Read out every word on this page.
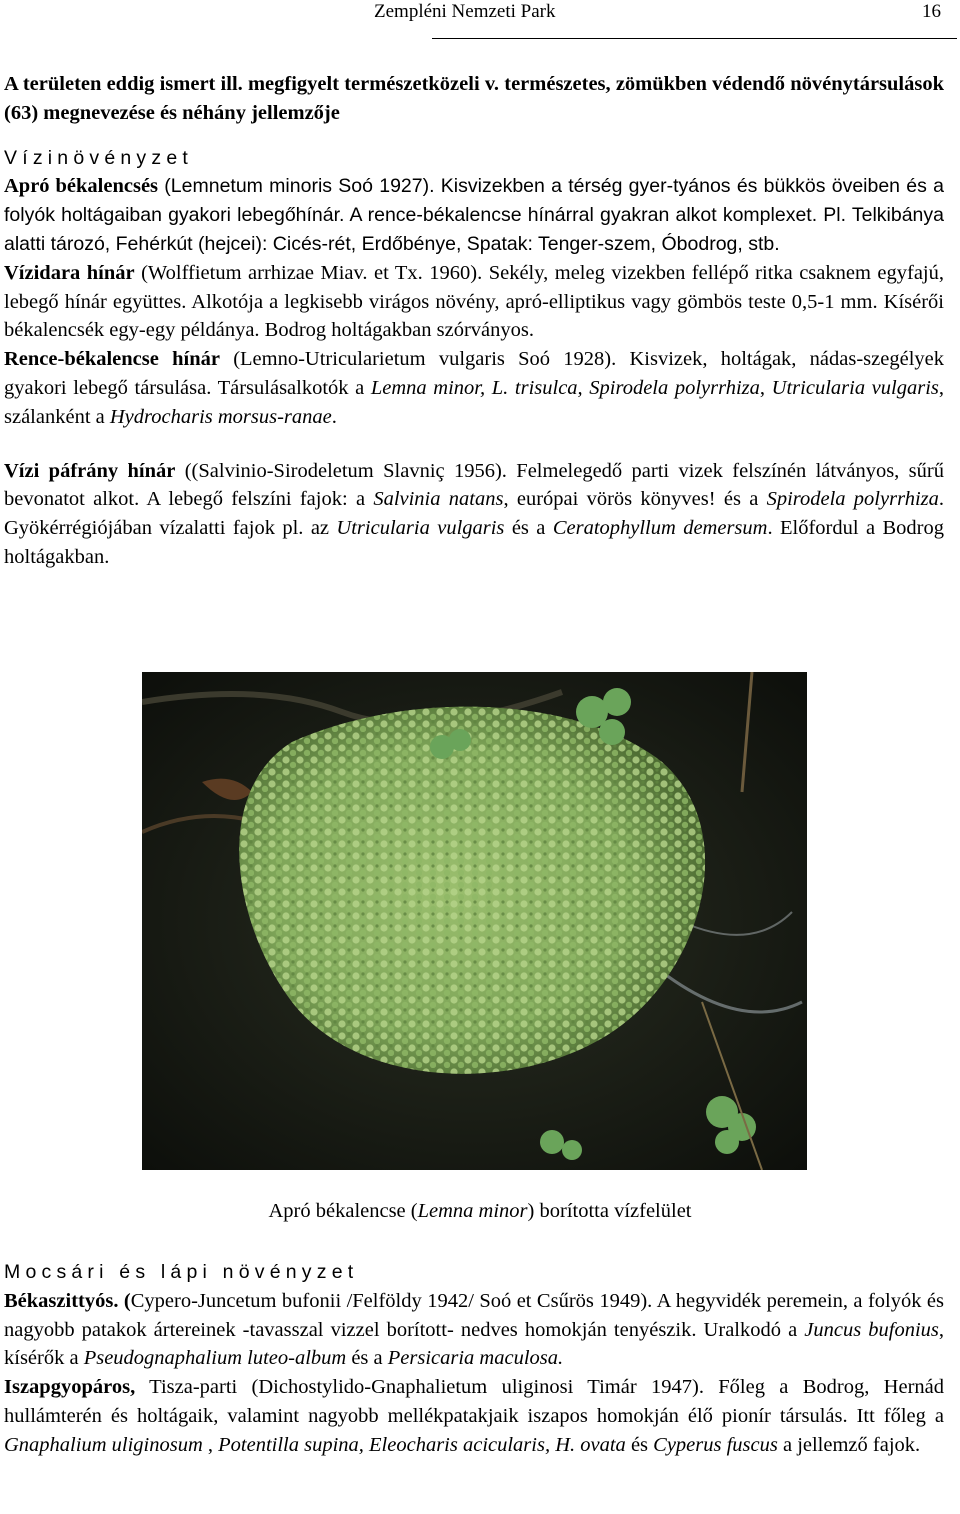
Zempléni Nemzeti Park	16

A területen eddig ismert ill. megfigyelt természetközeli v. természetes, zömükben védendő növénytársulások (63) megnevezése és néhány jellemzője

Vízinövényzet

Apró békalencsés (Lemnetum minoris Soó 1927). Kisvizekben a térség gyer-tyános és bükkös öveiben és a folyók holtágaiban gyakori lebegőhínár. A rence-békalencse hínárral gyakran alkot komplexet. Pl. Telkibánya alatti tározó, Fehérkút (hejcei): Cicés-rét, Erdőbénye, Spatak: Tenger-szem, Óbodrog, stb.

Vízidara hínár (Wolffietum arrhizae Miav. et Tx. 1960). Sekély, meleg vizekben fellépő ritka csaknem egyfajú, lebegő hínár együttes. Alkotója a legkisebb virágos növény, apró-elliptikus vagy gömbös teste 0,5-1 mm. Kísérői békalencsék egy-egy példánya. Bodrog holtágakban szórványos.

Rence-békalencse hínár (Lemno-Utricularietum vulgaris Soó 1928). Kisvizek, holtágak, nádas-szegélyek gyakori lebegő társulása. Társulásalkotók a Lemna minor, L. trisulca, Spirodela polyrrhiza, Utricularia vulgaris, szálanként a Hydrocharis morsus-ranae.

Vízi páfrány hínár ((Salvinio-Sirodeletum Slavniç 1956). Felmelegedő parti vizek felszínén látványos, sűrű bevonatot alkot. A lebegő felszíni fajok: a Salvinia natans, európai vörös könyves! és a Spirodela polyrrhiza. Gyökérrégiójában vízalatti fajok pl. az Utricularia vulgaris és a Ceratophyllum demersum. Előfordul a Bodrog holtágakban.

Apró békalencse (Lemna minor) borította vízfelület

Mocsári és lápi növényzet

Békaszittyós. (Cypero-Juncetum bufonii /Felföldy 1942/ Soó et Csűrös 1949). A hegyvidék peremein, a folyók és nagyobb patakok ártereinek -tavasszal vizzel borított- nedves homokján tenyészik. Uralkodó a Juncus bufonius, kísérők a Pseudognaphalium luteo-album és a Persicaria maculosa.

Iszapgyopáros, Tisza-parti (Dichostylido-Gnaphalietum uliginosi Timár 1947). Főleg a Bodrog, Hernád hullámterén és holtágaik, valamint nagyobb mellékpatakjaik iszapos homokján élő pionír társulás. Itt főleg a Gnaphalium uliginosum , Potentilla supina, Eleocharis acicularis, H. ovata és Cyperus fuscus a jellemző fajok.
